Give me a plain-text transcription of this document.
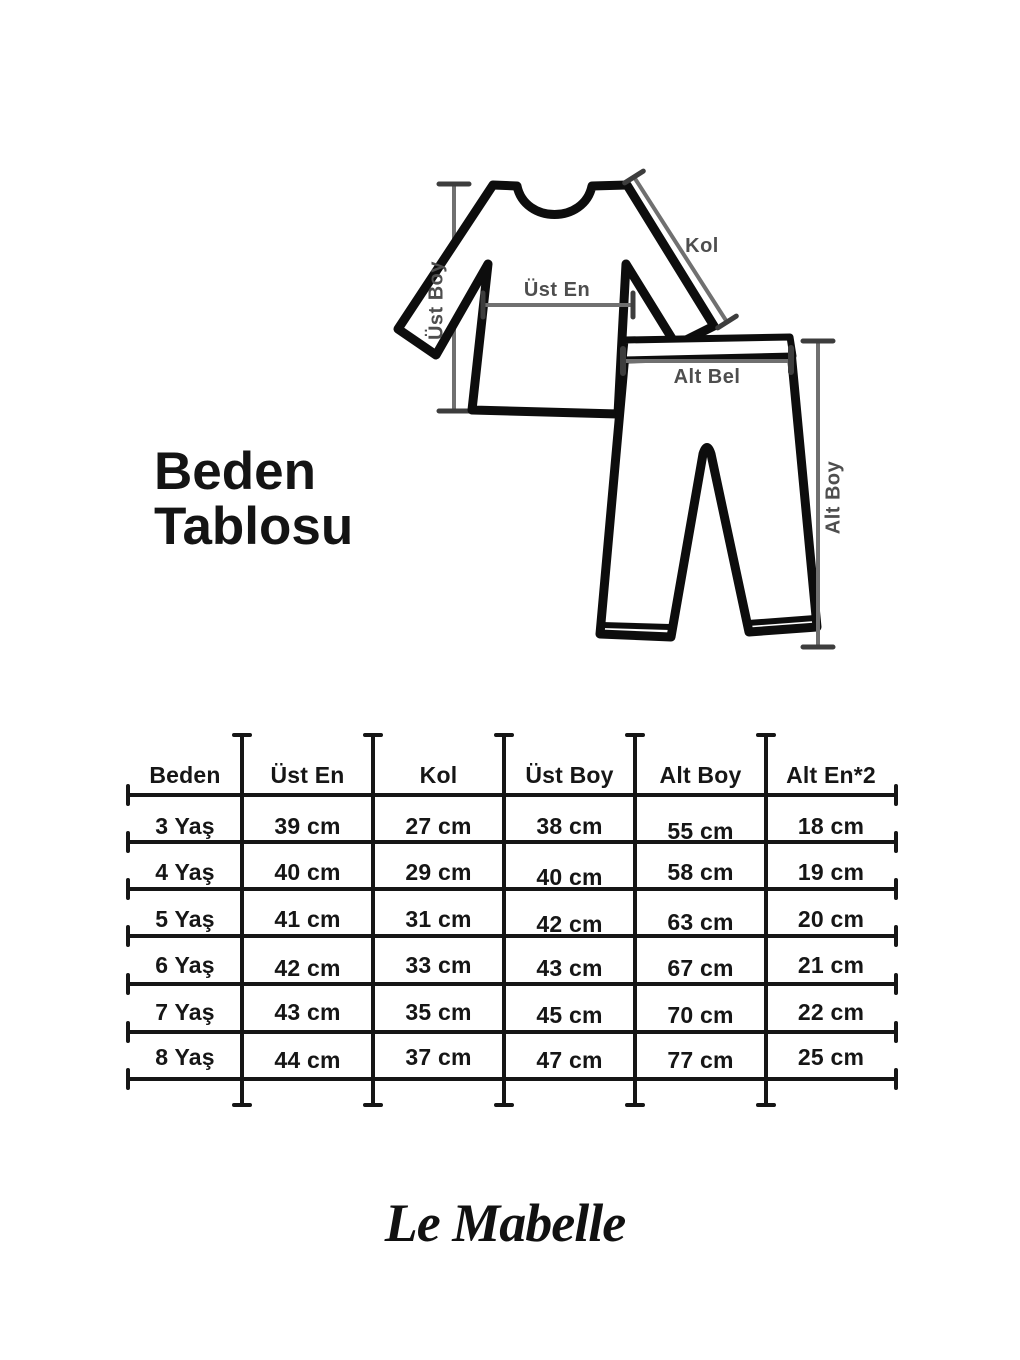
Beden
Tablosu
Üst Boy
Kol
Üst En
Alt Bel
Alt Boy
Beden	Üst En	Kol	Üst Boy	Alt Boy	Alt En*2
3 Yaş	39 cm	27 cm	38 cm	55 cm	18 cm
4 Yaş	40 cm	29 cm	40 cm	58 cm	19 cm
5 Yaş	41 cm	31 cm	42 cm	63 cm	20 cm
6 Yaş	42 cm	33 cm	43 cm	67 cm	21 cm
7 Yaş	43 cm	35 cm	45 cm	70 cm	22 cm
8 Yaş	44 cm	37 cm	47 cm	77 cm	25 cm
Le Mabelle
